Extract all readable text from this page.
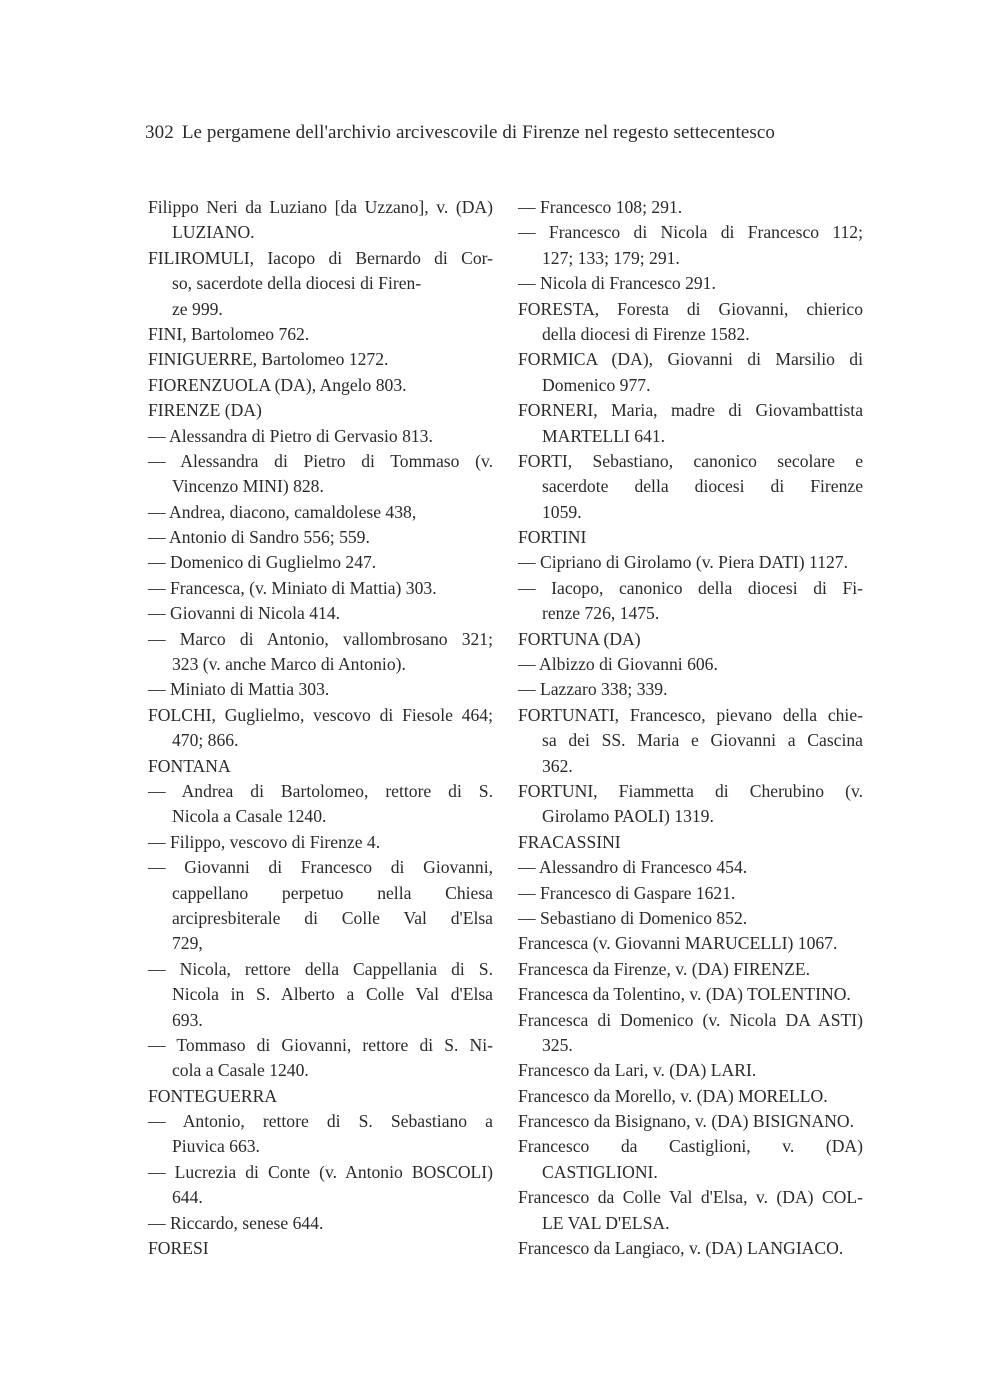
302 Le pergamene dell'archivio arcivescovile di Firenze nel regesto settecentesco

Filippo Neri da Luziano [da Uzzano], v. (DA)

LUZIANO.

FILIROMULI, Iacopo di Bernardo di Cor-

so, sacerdote della diocesi di Firen-

ze 999.

FINI, Bartolomeo 762.

FINIGUERRE, Bartolomeo 1272.

FIORENZUOLA (DA), Angelo 803.

FIRENZE (DA)

— Alessandra di Pietro di Gervasio 813.

— Alessandra di Pietro di Tommaso (v.

Vincenzo MINI) 828.

— Andrea, diacono, camaldolese 438,

— Antonio di Sandro 556; 559.

— Domenico di Guglielmo 247.

— Francesca, (v. Miniato di Mattia) 303.

— Giovanni di Nicola 414.

— Marco di Antonio, vallombrosano 321;

323 (v. anche Marco di Antonio).

— Miniato di Mattia 303.

FOLCHI, Guglielmo, vescovo di Fiesole 464;

470; 866.

FONTANA

— Andrea di Bartolomeo, rettore di S.

Nicola a Casale 1240.

— Filippo, vescovo di Firenze 4.

— Giovanni di Francesco di Giovanni,

cappellano perpetuo nella Chiesa

arcipresbiterale di Colle Val d'Elsa

729,

— Nicola, rettore della Cappellania di S.

Nicola in S. Alberto a Colle Val d'Elsa

693.

— Tommaso di Giovanni, rettore di S. Ni-

cola a Casale 1240.

FONTEGUERRA

— Antonio, rettore di S. Sebastiano a

Piuvica 663.

— Lucrezia di Conte (v. Antonio BOSCOLI)

644.

— Riccardo, senese 644.

FORESI

— Francesco 108; 291.

— Francesco di Nicola di Francesco 112;

127; 133; 179; 291.

— Nicola di Francesco 291.

FORESTA, Foresta di Giovanni, chierico

della diocesi di Firenze 1582.

FORMICA (DA), Giovanni di Marsilio di

Domenico 977.

FORNERI, Maria, madre di Giovambattista

MARTELLI 641.

FORTI, Sebastiano, canonico secolare e

sacerdote della diocesi di Firenze

1059.

FORTINI

— Cipriano di Girolamo (v. Piera DATI) 1127.

— Iacopo, canonico della diocesi di Fi-

renze 726, 1475.

FORTUNA (DA)

— Albizzo di Giovanni 606.

— Lazzaro 338; 339.

FORTUNATI, Francesco, pievano della chie-

sa dei SS. Maria e Giovanni a Cascina

362.

FORTUNI, Fiammetta di Cherubino (v.

Girolamo PAOLI) 1319.

FRACASSINI

— Alessandro di Francesco 454.

— Francesco di Gaspare 1621.

— Sebastiano di Domenico 852.

Francesca (v. Giovanni MARUCELLI) 1067.

Francesca da Firenze, v. (DA) FIRENZE.

Francesca da Tolentino, v. (DA) TOLENTINO.

Francesca di Domenico (v. Nicola DA ASTI)

325.

Francesco da Lari, v. (DA) LARI.

Francesco da Morello, v. (DA) MORELLO.

Francesco da Bisignano, v. (DA) BISIGNANO.

Francesco da Castiglioni, v. (DA)

CASTIGLIONI.

Francesco da Colle Val d'Elsa, v. (DA) COL-

LE VAL D'ELSA.

Francesco da Langiaco, v. (DA) LANGIACO.
